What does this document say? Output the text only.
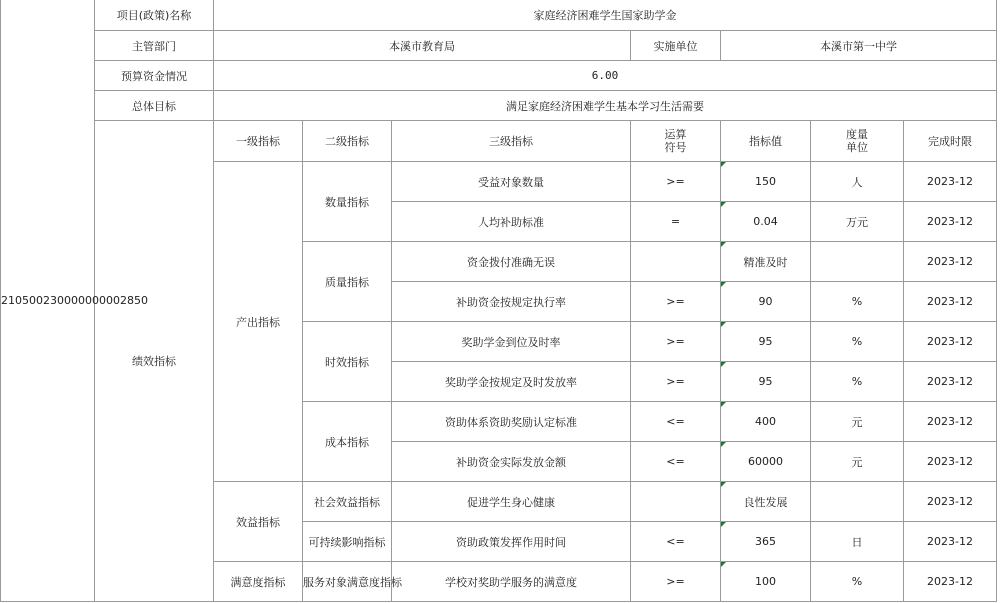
210500230000000002850	项目(政策)名称	家庭经济困难学生国家助学金						
	主管部门	本溪市教育局			实施单位	本溪市第一中学		
	预算资金情况	6.00						
	总体目标	满足家庭经济困难学生基本学习生活需要						
	绩效指标	一级指标	二级指标	三级指标	运算符号	指标值	度量单位	完成时限
		产出指标	数量指标	受益对象数量	>=	150	人	2023-12
				人均补助标准	=	0.04	万元	2023-12
			质量指标	资金拨付准确无误		精准及时		2023-12
				补助资金按规定执行率	>=	90	%	2023-12
			时效指标	奖助学金到位及时率	>=	95	%	2023-12
				奖助学金按规定及时发放率	>=	95	%	2023-12
			成本指标	资助体系资助奖励认定标准	<=	400	元	2023-12
				补助资金实际发放金额	<=	60000	元	2023-12
		效益指标	社会效益指标	促进学生身心健康		良性发展		2023-12
			可持续影响指标	资助政策发挥作用时间	<=	365	日	2023-12
		满意度指标	服务对象满意度指标	学校对奖助学服务的满意度	>=	100	%	2023-12
